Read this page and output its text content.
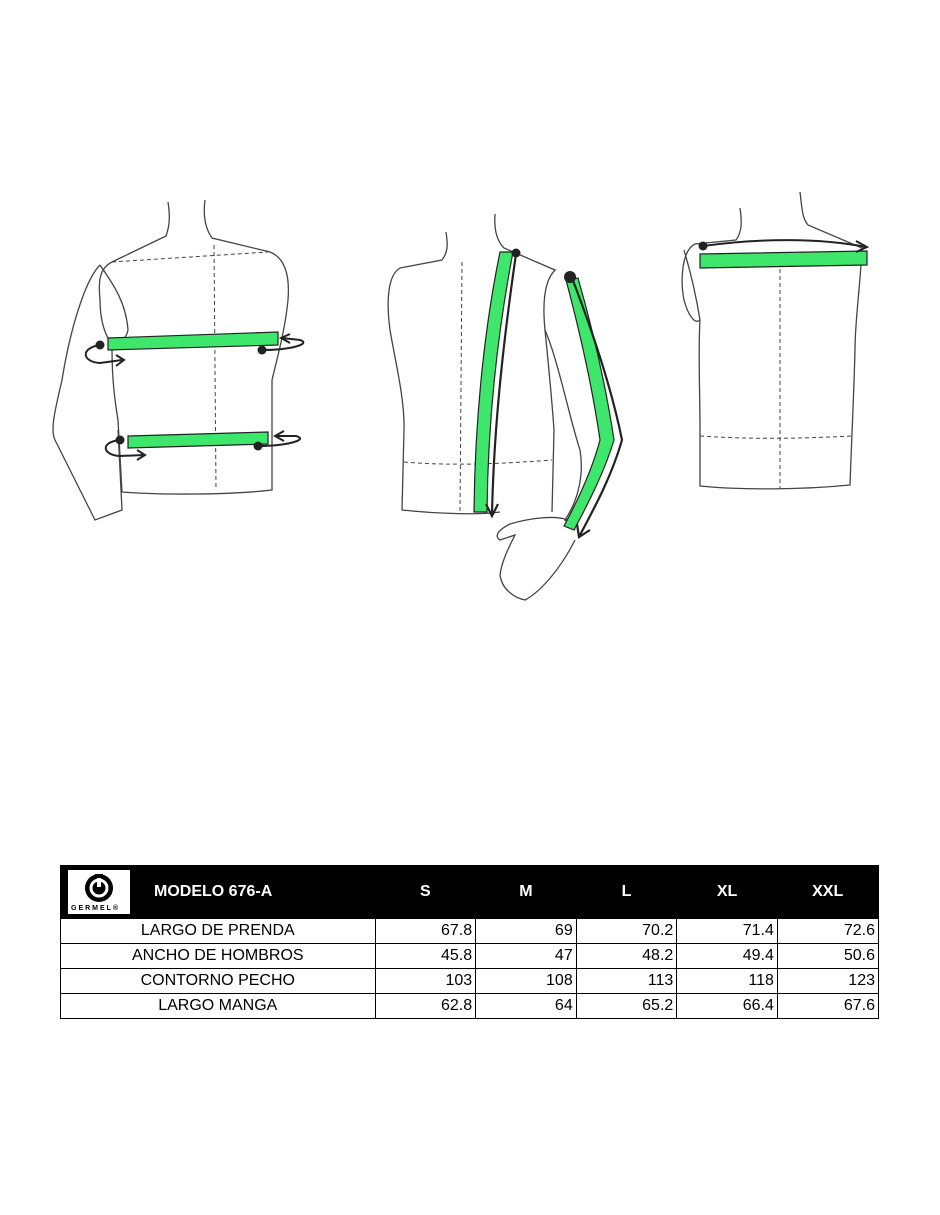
GERMEL®
MODELO 676-A	S	M	L	XL	XXL
LARGO DE PRENDA	67.8	69	70.2	71.4	72.6
ANCHO DE HOMBROS	45.8	47	48.2	49.4	50.6
CONTORNO PECHO	103	108	113	118	123
LARGO MANGA	62.8	64	65.2	66.4	67.6
